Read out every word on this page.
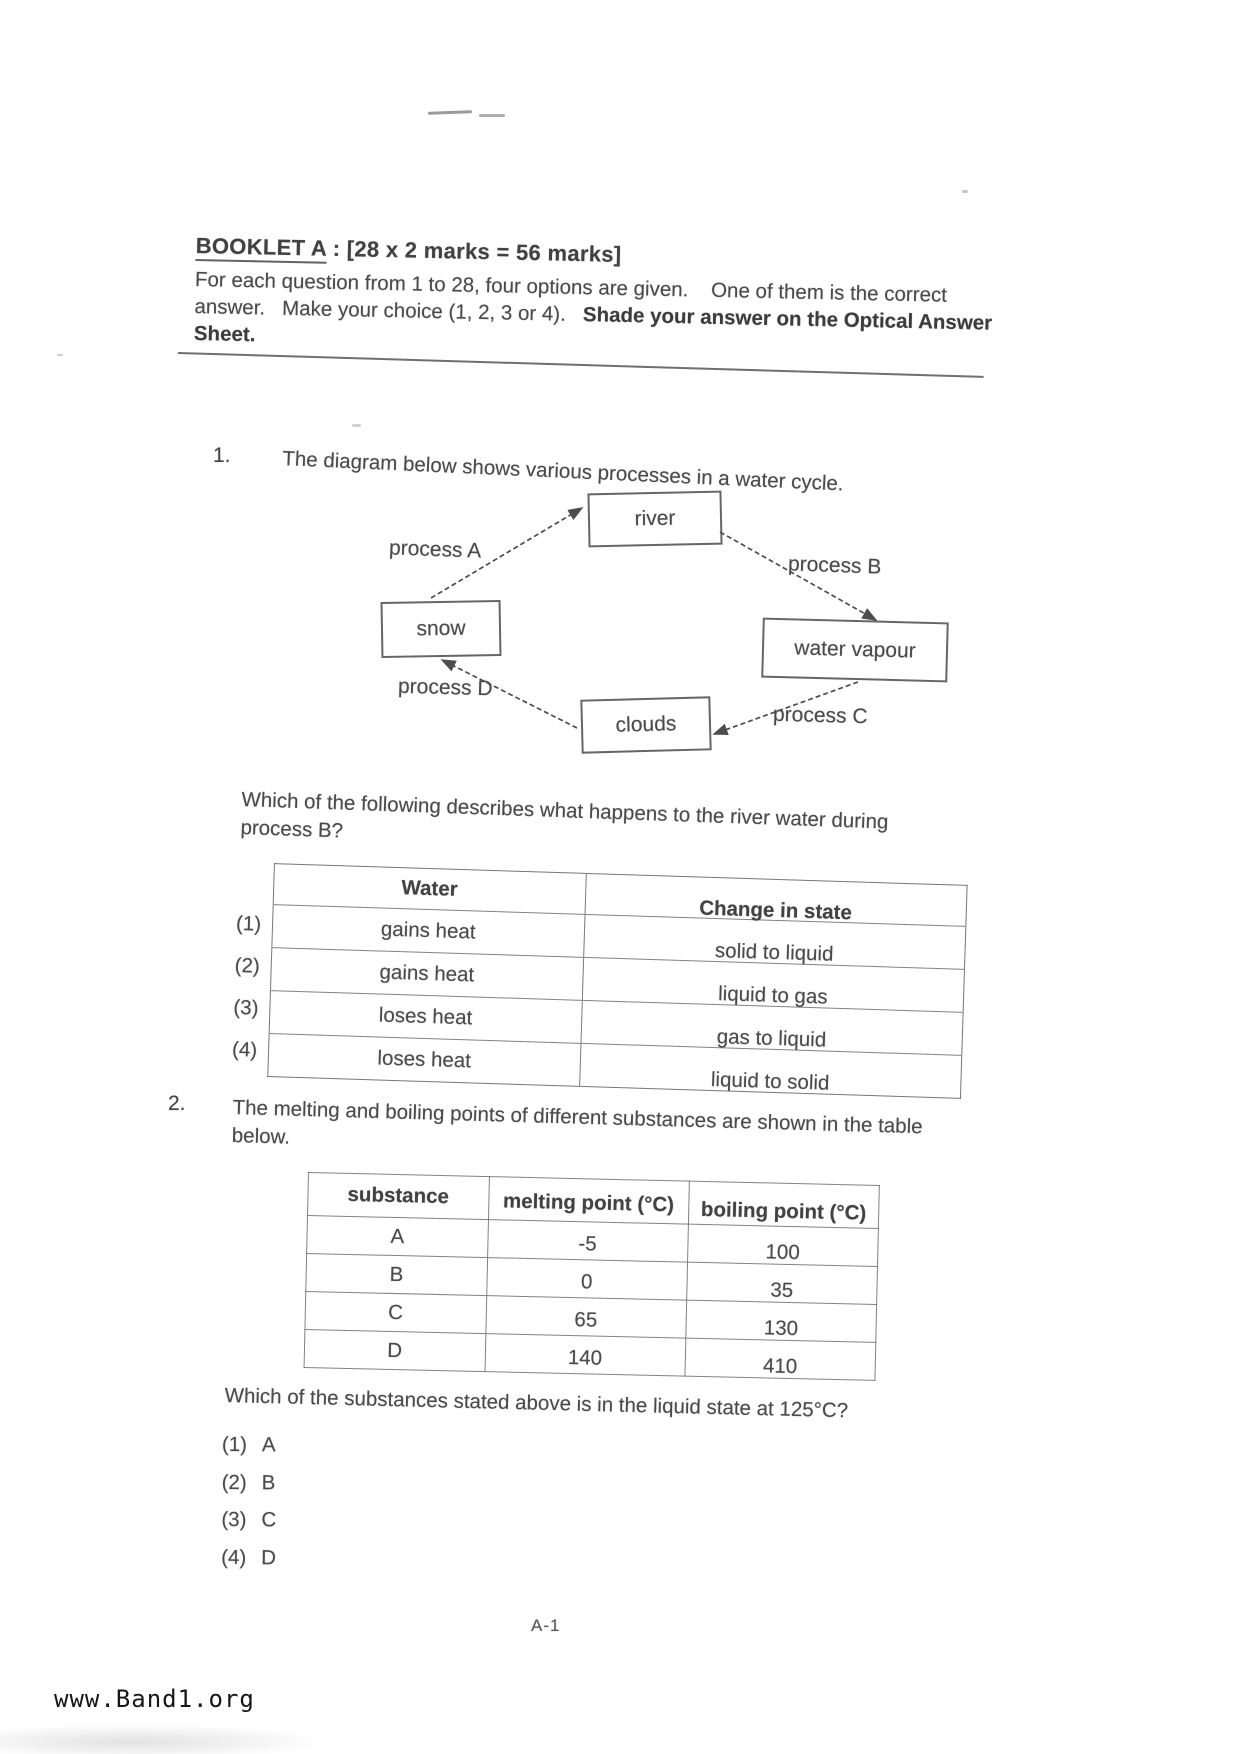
BOOKLET A : [28 x 2 marks = 56 marks]
For each question from 1 to 28, four options are given.    One of them is the correct answer.   Make your choice (1, 2, 3 or 4).   Shade your answer on the Optical Answer Sheet.
1.	The diagram below shows various processes in a water cycle.
river
snow
water vapour
clouds
process A
process B
process D
process C
Which of the following describes what happens to the river water during process B?
(1)
(2)
(3)
(4)
Water	Change in state
gains heat	solid to liquid
gains heat	liquid to gas
loses heat	gas to liquid
loses heat	liquid to solid
2. The melting and boiling points of different substances are shown in the table below.
substance	melting point (°C)	boiling point (°C)
A	-5	100
B	0	35
C	65	130
D	140	410
Which of the substances stated above is in the liquid state at 125°C?
(1) A
(2) B
(3) C
(4) D
A-1
www.Band1.org
